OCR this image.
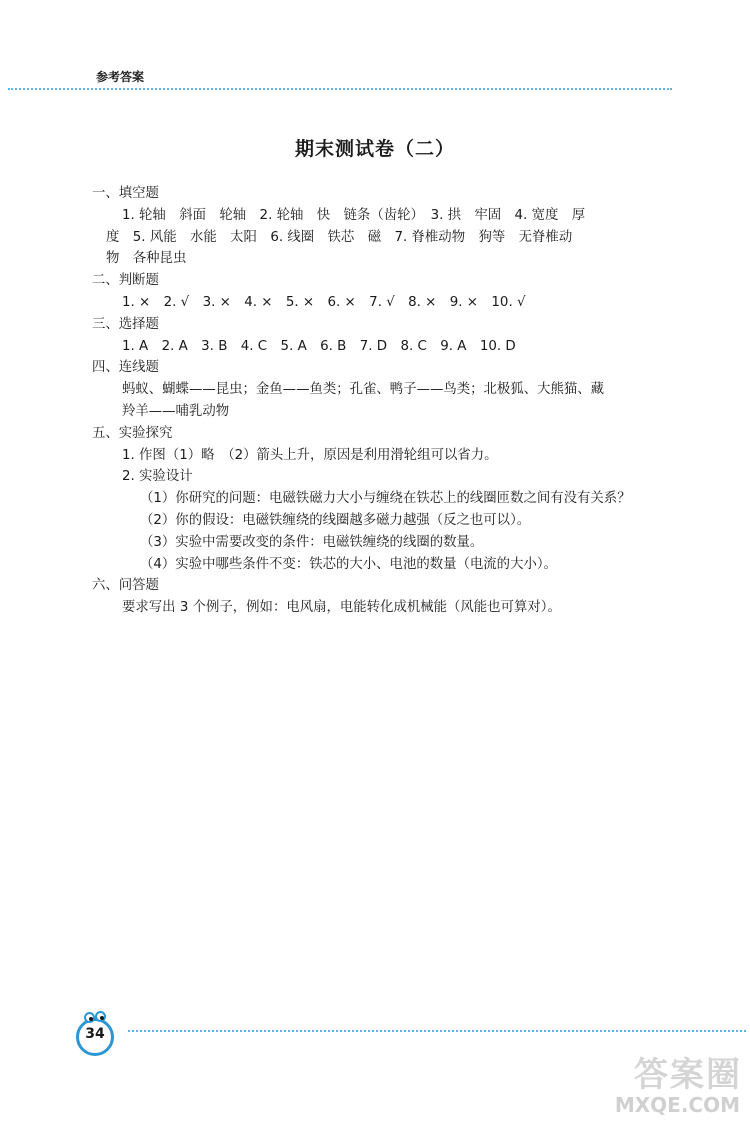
参考答案
期末测试卷（二）

一、填空题

1. 轮轴　斜面　轮轴　2. 轮轴　快　链条（齿轮）　3. 拱　牢固　4. 宽度　厚

度　5. 风能　水能　太阳　6. 线圈　铁芯　磁　7. 脊椎动物　狗等　无脊椎动

物　各种昆虫

二、判断题

1. ×　2. √　3. ×　4. ×　5. ×　6. ×　7. √　8. ×　9. ×　10. √

三、选择题

1. A　2. A　3. B　4. C　5. A　6. B　7. D　8. C　9. A　10. D

四、连线题

蚂蚁、蝴蝶——昆虫；金鱼——鱼类；孔雀、鸭子——鸟类；北极狐、大熊猫、藏

羚羊——哺乳动物

五、实验探究

1. 作图（1）略　（2）箭头上升，原因是利用滑轮组可以省力。

2. 实验设计

（1）你研究的问题：电磁铁磁力大小与缠绕在铁芯上的线圈匝数之间有没有关系？

（2）你的假设：电磁铁缠绕的线圈越多磁力越强（反之也可以）。

（3）实验中需要改变的条件：电磁铁缠绕的线圈的数量。

（4）实验中哪些条件不变：铁芯的大小、电池的数量（电流的大小）。

六、问答题

要求写出 3 个例子，例如：电风扇，电能转化成机械能（风能也可算对）。

34
答案圈
MXQE.COM
